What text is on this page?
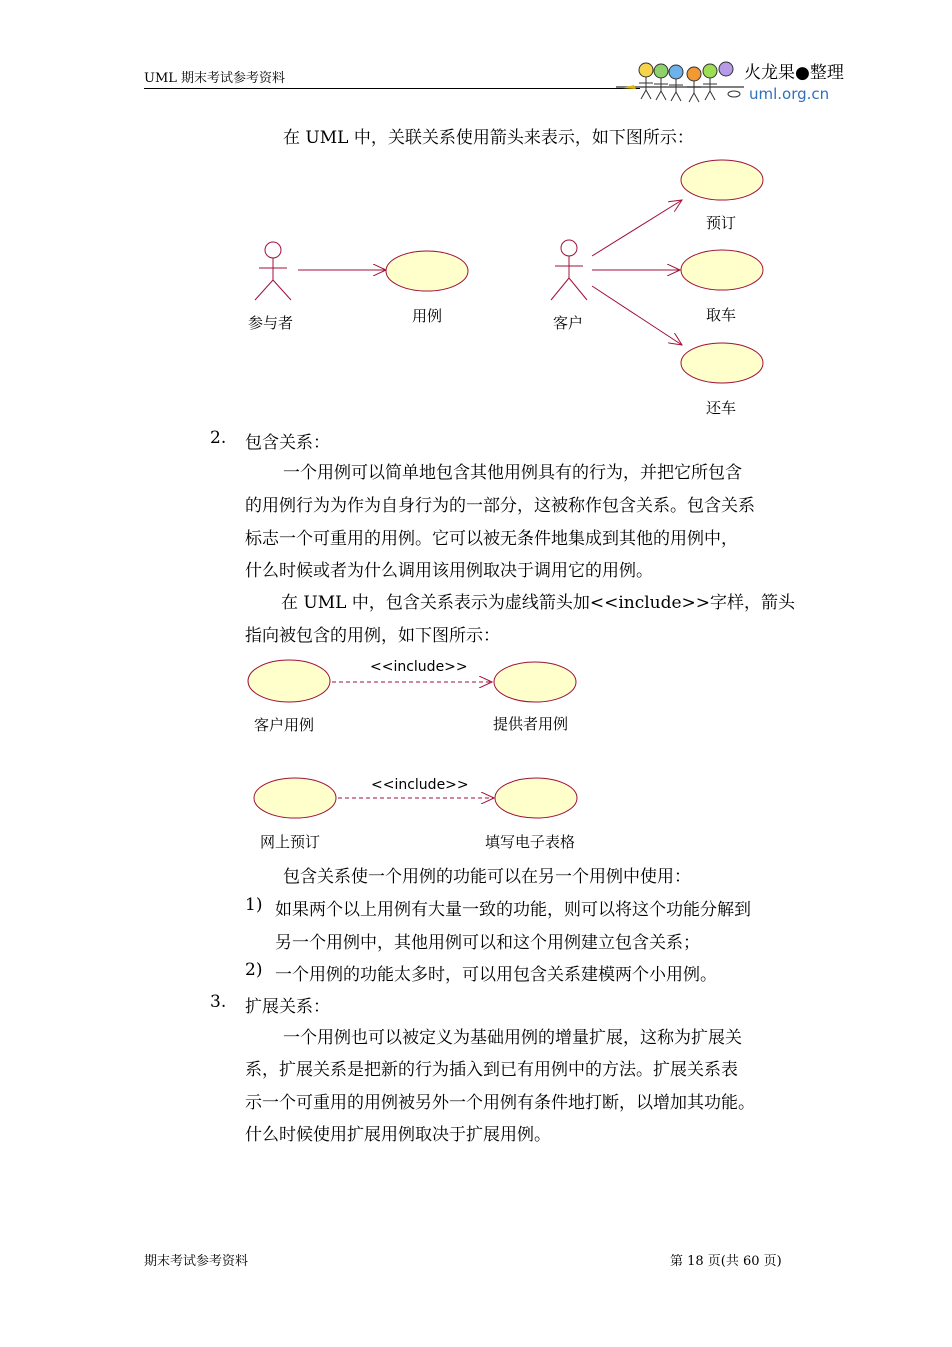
UML 期末考试参考资料	火龙果●整理
uml.org.cn
在 UML 中，关联关系使用箭头来表示，如下图所示：
参与者	用例	客户
预订
取车
还车
2. 包含关系：
一个用例可以简单地包含其他用例具有的行为，并把它所包含
的用例行为为作为自身行为的一部分，这被称作包含关系。包含关系
标志一个可重用的用例。它可以被无条件地集成到其他的用例中，
什么时候或者为什么调用该用例取决于调用它的用例。
在 UML 中，包含关系表示为虚线箭头加<<include>>字样，箭头
指向被包含的用例，如下图所示：
<<include>>
客户用例	提供者用例
<<include>>
网上预订	填写电子表格
包含关系使一个用例的功能可以在另一个用例中使用：
1) 如果两个以上用例有大量一致的功能，则可以将这个功能分解到
另一个用例中，其他用例可以和这个用例建立包含关系；
2) 一个用例的功能太多时，可以用包含关系建模两个小用例。
3. 扩展关系：
一个用例也可以被定义为基础用例的增量扩展，这称为扩展关
系，扩展关系是把新的行为插入到已有用例中的方法。扩展关系表
示一个可重用的用例被另外一个用例有条件地打断，以增加其功能。
什么时候使用扩展用例取决于扩展用例。
期末考试参考资料	第 18 页(共 60 页)
